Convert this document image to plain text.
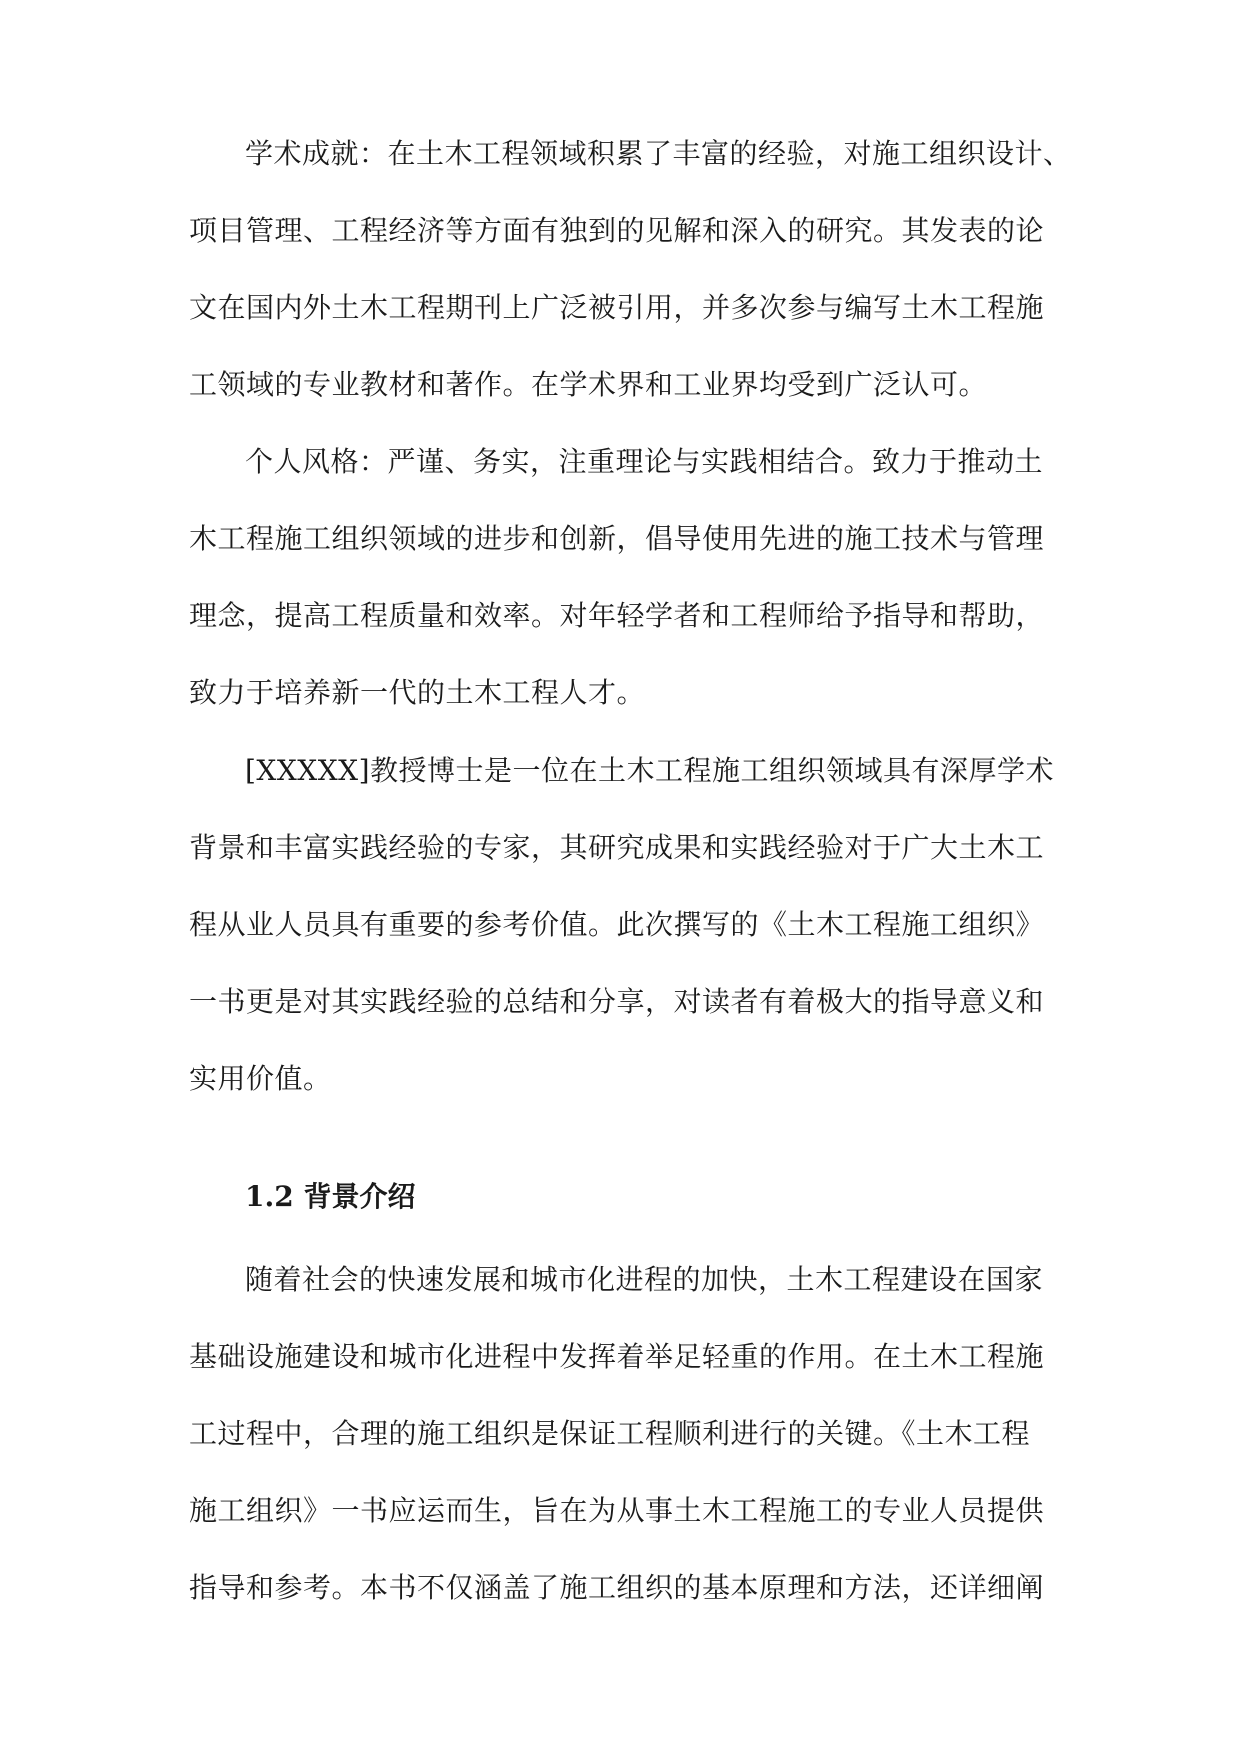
学术成就：在土木工程领域积累了丰富的经验，对施工组织设计、
项目管理、工程经济等方面有独到的见解和深入的研究。其发表的论
文在国内外土木工程期刊上广泛被引用，并多次参与编写土木工程施
工领域的专业教材和著作。在学术界和工业界均受到广泛认可。
个人风格：严谨、务实，注重理论与实践相结合。致力于推动土
木工程施工组织领域的进步和创新，倡导使用先进的施工技术与管理
理念，提高工程质量和效率。对年轻学者和工程师给予指导和帮助，
致力于培养新一代的土木工程人才。
[XXXXX]教授博士是一位在土木工程施工组织领域具有深厚学术
背景和丰富实践经验的专家，其研究成果和实践经验对于广大土木工
程从业人员具有重要的参考价值。此次撰写的《土木工程施工组织》
一书更是对其实践经验的总结和分享，对读者有着极大的指导意义和
实用价值。
1.2 背景介绍
随着社会的快速发展和城市化进程的加快，土木工程建设在国家
基础设施建设和城市化进程中发挥着举足轻重的作用。在土木工程施
工过程中，合理的施工组织是保证工程顺利进行的关键。《土木工程
施工组织》一书应运而生，旨在为从事土木工程施工的专业人员提供
指导和参考。本书不仅涵盖了施工组织的基本原理和方法，还详细阐
